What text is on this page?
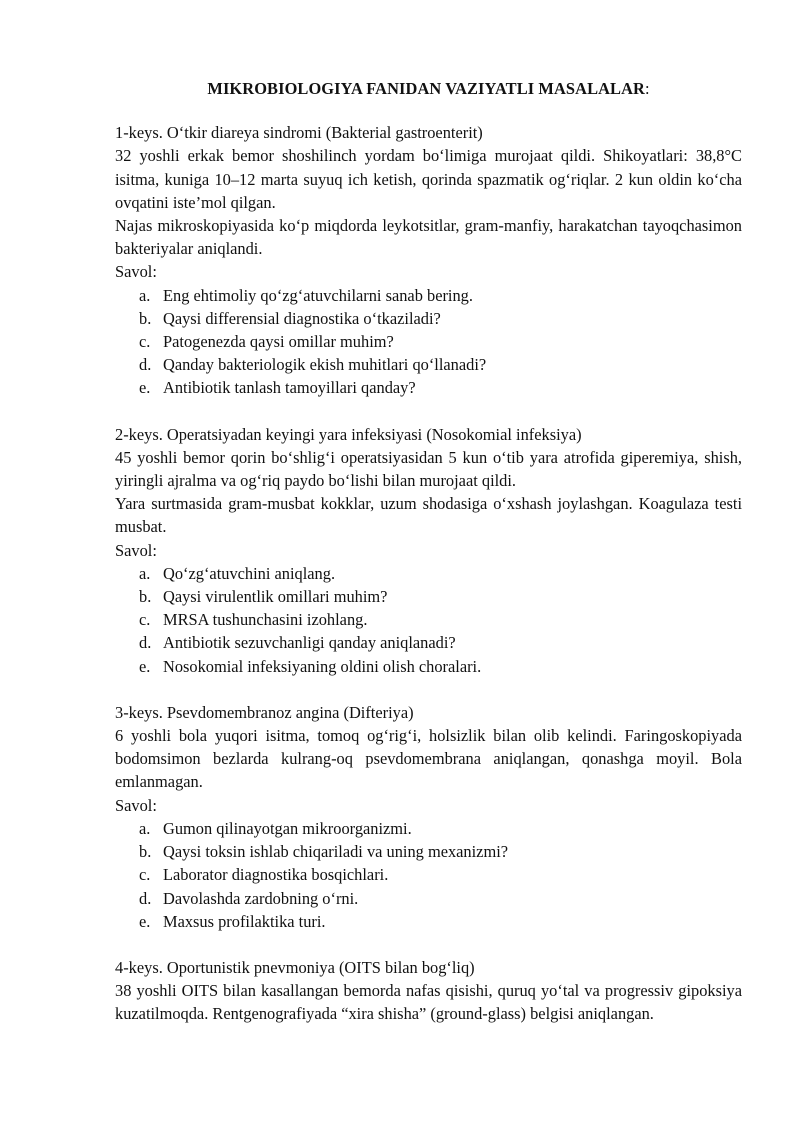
MIKROBIOLOGIYA FANIDAN VAZIYATLI MASALALAR:

1-keys. O‘tkir diareya sindromi (Bakterial gastroenterit)

32 yoshli erkak bemor shoshilinch yordam bo‘limiga murojaat qildi. Shikoyatlari: 38,8°C isitma, kuniga 10–12 marta suyuq ich ketish, qorinda spazmatik og‘riqlar. 2 kun oldin ko‘cha ovqatini iste’mol qilgan.

Najas mikroskopiyasida ko‘p miqdorda leykotsitlar, gram-manfiy, harakatchan tayoqchasimon bakteriyalar aniqlandi.

Savol:

a. Eng ehtimoliy qo‘zg‘atuvchilarni sanab bering.
b. Qaysi differensial diagnostika o‘tkaziladi?
c. Patogenezda qaysi omillar muhim?
d. Qanday bakteriologik ekish muhitlari qo‘llanadi?
e. Antibiotik tanlash tamoyillari qanday?

2-keys. Operatsiyadan keyingi yara infeksiyasi (Nosokomial infeksiya)

45 yoshli bemor qorin bo‘shlig‘i operatsiyasidan 5 kun o‘tib yara atrofida giperemiya, shish, yiringli ajralma va og‘riq paydo bo‘lishi bilan murojaat qildi.

Yara surtmasida gram-musbat kokklar, uzum shodasiga o‘xshash joylashgan. Koagulaza testi musbat.

Savol:

a. Qo‘zg‘atuvchini aniqlang.
b. Qaysi virulentlik omillari muhim?
c. MRSA tushunchasini izohlang.
d. Antibiotik sezuvchanligi qanday aniqlanadi?
e. Nosokomial infeksiyaning oldini olish choralari.

3-keys. Psevdomembranoz angina (Difteriya)

6 yoshli bola yuqori isitma, tomoq og‘rig‘i, holsizlik bilan olib kelindi. Faringoskopiyada bodomsimon bezlarda kulrang-oq psevdomembrana aniqlangan, qonashga moyil. Bola emlanmagan.

Savol:

a. Gumon qilinayotgan mikroorganizmi.
b. Qaysi toksin ishlab chiqariladi va uning mexanizmi?
c. Laborator diagnostika bosqichlari.
d. Davolashda zardobning o‘rni.
e. Maxsus profilaktika turi.

4-keys. Oportunistik pnevmoniya (OITS bilan bog‘liq)

38 yoshli OITS bilan kasallangan bemorda nafas qisishi, quruq yo‘tal va progressiv gipoksiya kuzatilmoqda. Rentgenografiyada “xira shisha” (ground-glass) belgisi aniqlangan.
